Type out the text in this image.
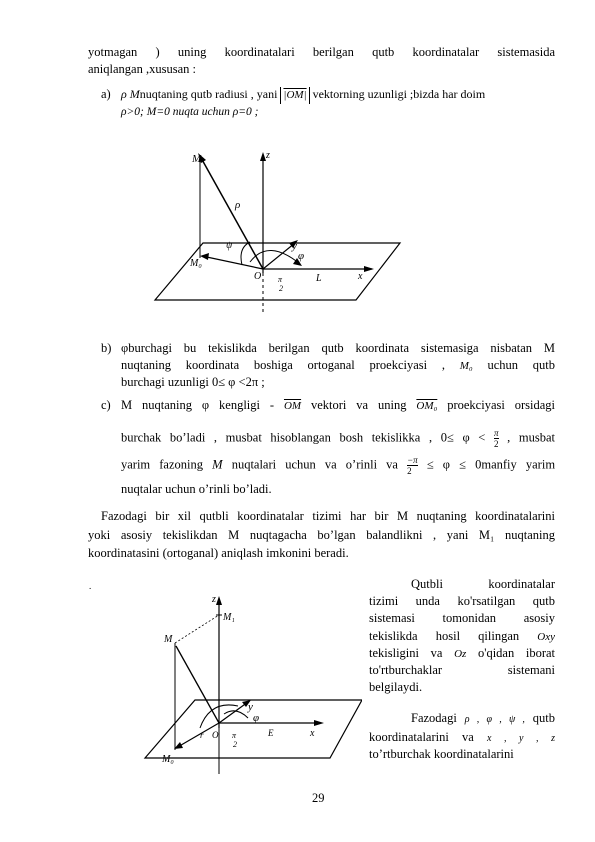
yotmagan ) uning koordinatalari berilgan qutb koordinatalar sistemasida
aniqlangan ,xususan :
a) ρ Mnuqtaning qutb radiusi , yani |OM| vektorning uzunligi ;bizda har doim
ρ>0; M=0 nuqta uchun ρ=0 ;
M	z
ρ
ψ	y
φ
M₀
O π
2
L	x
b) φburchagi bu tekislikda berilgan qutb koordinata sistemasiga nisbatan M
nuqtaning koordinata boshiga ortoganal proekciyasi , M₀ uchun qutb
burchagi uzunligi 0≤ φ <2π ;
c) M nuqtaning φ kengligi - $\overline{OM}$ vektori va uning OM₀ proekciyasi orsidagi
burchak bo’ladi , musbat hisoblangan bosh tekislikka , $0\le \varphi < \frac{\pi}{2}$ , musbat
yarim fazoning M nuqtalari uchun va o’rinli va $\frac{-\pi}{2} \le \varphi$ ≤ 0manfiy yarim
nuqtalar uchun o’rinli bo’ladi.
Fazodagi bir xil qutbli koordinatalar tizimi har bir M nuqtaning koordinatalarini
yoki asosiy tekislikdan M nuqtagacha bo’lgan balandlikni , yani M₁ nuqtaning
koordinatasini (ortoganal) aniqlash imkonini beradi.
.
z
M₁
M
y
φ
r O π
2
E	x
M₀
Qutbli koordinatalar
tizimi unda ko'rsatilgan qutb
sistemasi tomonidan asosiy
tekislikda hosil qilingan Oxy
tekisligini va Oz o'qidan iborat
to'rtburchaklar sistemani
belgilaydi.
Fazodagi ρ , φ , ψ , qutb
koordinatalarini va x , y , z
to’rtburchak koordinatalarini
29
